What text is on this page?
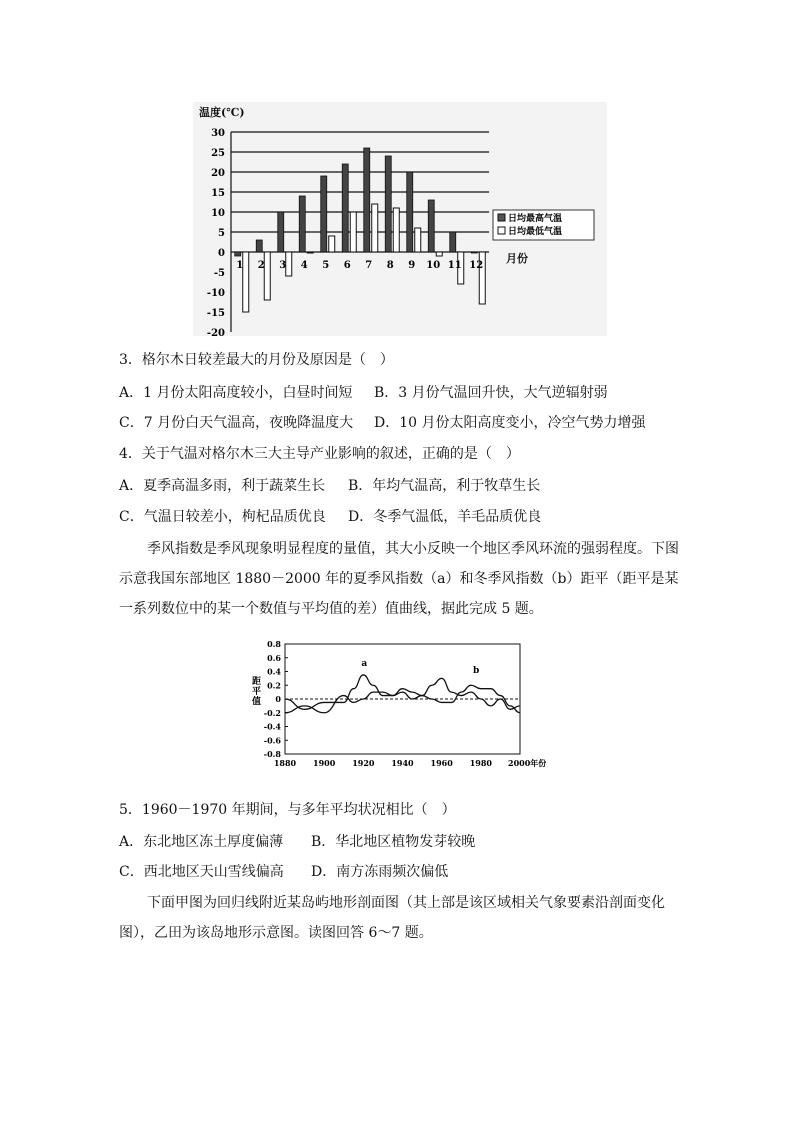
温度(℃)
30
25
20
15
10
5
0
-5
-10
-15
-20
1 2 3 4 5 6 7 8 9 10 11 12
月份
日均最高气温
日均最低气温
3．格尔木日较差最大的月份及原因是（　）
A．1 月份太阳高度较小，白昼时间短 B．3 月份气温回升快，大气逆辐射弱
C．7 月份白天气温高，夜晚降温度大 D．10 月份太阳高度变小，冷空气势力增强
4．关于气温对格尔木三大主导产业影响的叙述，正确的是（　）
A．夏季高温多雨，利于蔬菜生长 B．年均气温高，利于牧草生长
C．气温日较差小，枸杞品质优良 D．冬季气温低，羊毛品质优良
季风指数是季风现象明显程度的量值，其大小反映一个地区季风环流的强弱程度。下图示意我国东部地区 1880－2000 年的夏季风指数（a）和冬季风指数（b）距平（距平是某一系列数位中的某一个数值与平均值的差）值曲线，据此完成 5 题。
距平值
0.8
0.6
0.4
0.2
0
-0.2
-0.4
-0.6
-0.8
1880 1900 1920 1940 1960 1980 2000年份
a
b
5．1960－1970 年期间，与多年平均状况相比（　）
A．东北地区冻土厚度偏薄 B．华北地区植物发芽较晚
C．西北地区天山雪线偏高 D．南方冻雨频次偏低
下面甲图为回归线附近某岛屿地形剖面图（其上部是该区域相关气象要素沿剖面变化图），乙田为该岛地形示意图。读图回答 6～7 题。
